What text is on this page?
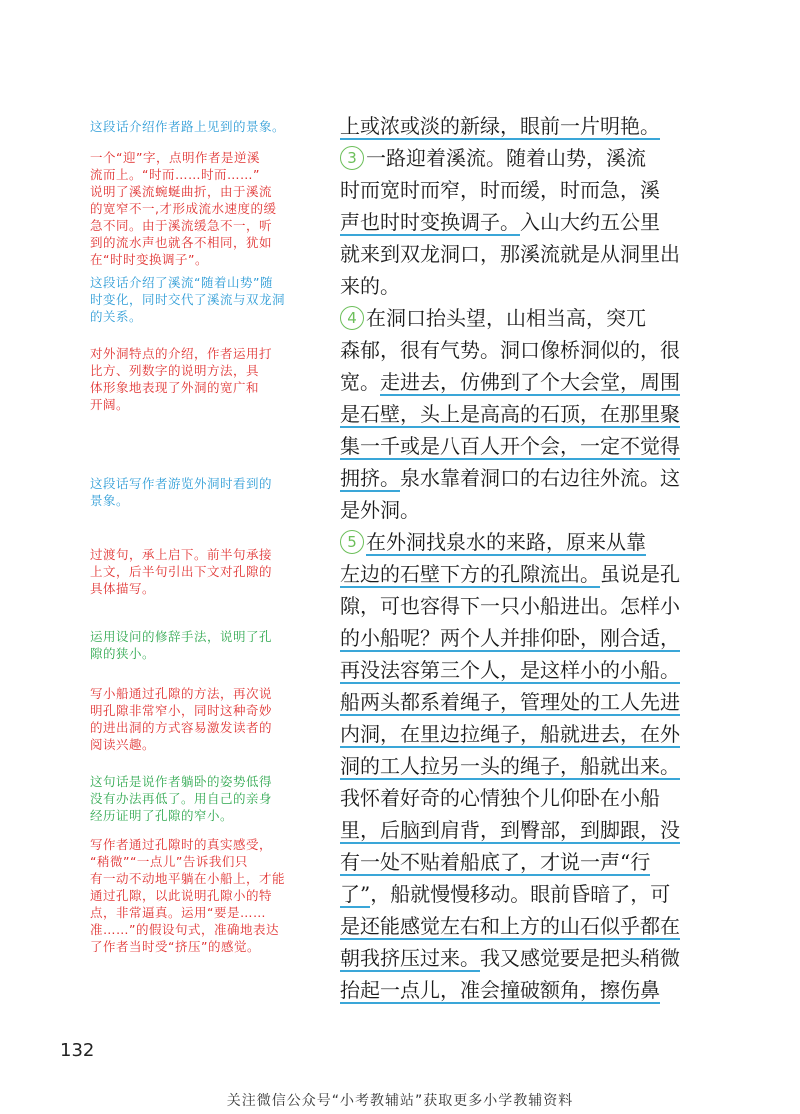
这段话介绍作者路上见到的景象。

一个“迎”字，点明作者是逆溪
流而上。“时而……时而……”
说明了溪流蜿蜒曲折，由于溪流
的宽窄不一,才形成流水速度的缓
急不同。由于溪流缓急不一，听
到的流水声也就各不相同，犹如
在“时时变换调子”。

这段话介绍了溪流“随着山势”随
时变化，同时交代了溪流与双龙洞
的关系。

对外洞特点的介绍，作者运用打
比方、列数字的说明方法，具
体形象地表现了外洞的宽广和
开阔。

这段话写作者游览外洞时看到的
景象。

过渡句，承上启下。前半句承接
上文，后半句引出下文对孔隙的
具体描写。

运用设问的修辞手法，说明了孔
隙的狭小。

写小船通过孔隙的方法，再次说
明孔隙非常窄小，同时这种奇妙
的进出洞的方式容易激发读者的
阅读兴趣。

这句话是说作者躺卧的姿势低得
没有办法再低了。用自己的亲身
经历证明了孔隙的窄小。

写作者通过孔隙时的真实感受，
“稍微”“一点儿”告诉我们只
有一动不动地平躺在小船上，才能
通过孔隙，以此说明孔隙小的特
点，非常逼真。运用“要是……
准……”的假设句式，准确地表达
了作者当时受“挤压”的感觉。

上或浓或淡的新绿，眼前一片明艳。
3 一路迎着溪流。随着山势，溪流
时而宽时而窄，时而缓，时而急，溪
声也时时变换调子。入山大约五公里
就来到双龙洞口，那溪流就是从洞里出
来的。
4 在洞口抬头望，山相当高，突兀
森郁，很有气势。洞口像桥洞似的，很
宽。走进去，仿佛到了个大会堂，周围
是石壁，头上是高高的石顶，在那里聚
集一千或是八百人开个会，一定不觉得
拥挤。泉水靠着洞口的右边往外流。这
是外洞。
5 在外洞找泉水的来路，原来从靠
左边的石壁下方的孔隙流出。虽说是孔
隙，可也容得下一只小船进出。怎样小
的小船呢？两个人并排仰卧，刚合适，
再没法容第三个人，是这样小的小船。
船两头都系着绳子，管理处的工人先进
内洞，在里边拉绳子，船就进去，在外
洞的工人拉另一头的绳子，船就出来。
我怀着好奇的心情独个儿仰卧在小船
里，后脑到肩背，到臀部，到脚跟，没
有一处不贴着船底了，才说一声“行
了”，船就慢慢移动。眼前昏暗了，可
是还能感觉左右和上方的山石似乎都在
朝我挤压过来。我又感觉要是把头稍微
抬起一点儿，准会撞破额角，擦伤鼻
132
关注微信公众号“小考教辅站”获取更多小学教辅资料
